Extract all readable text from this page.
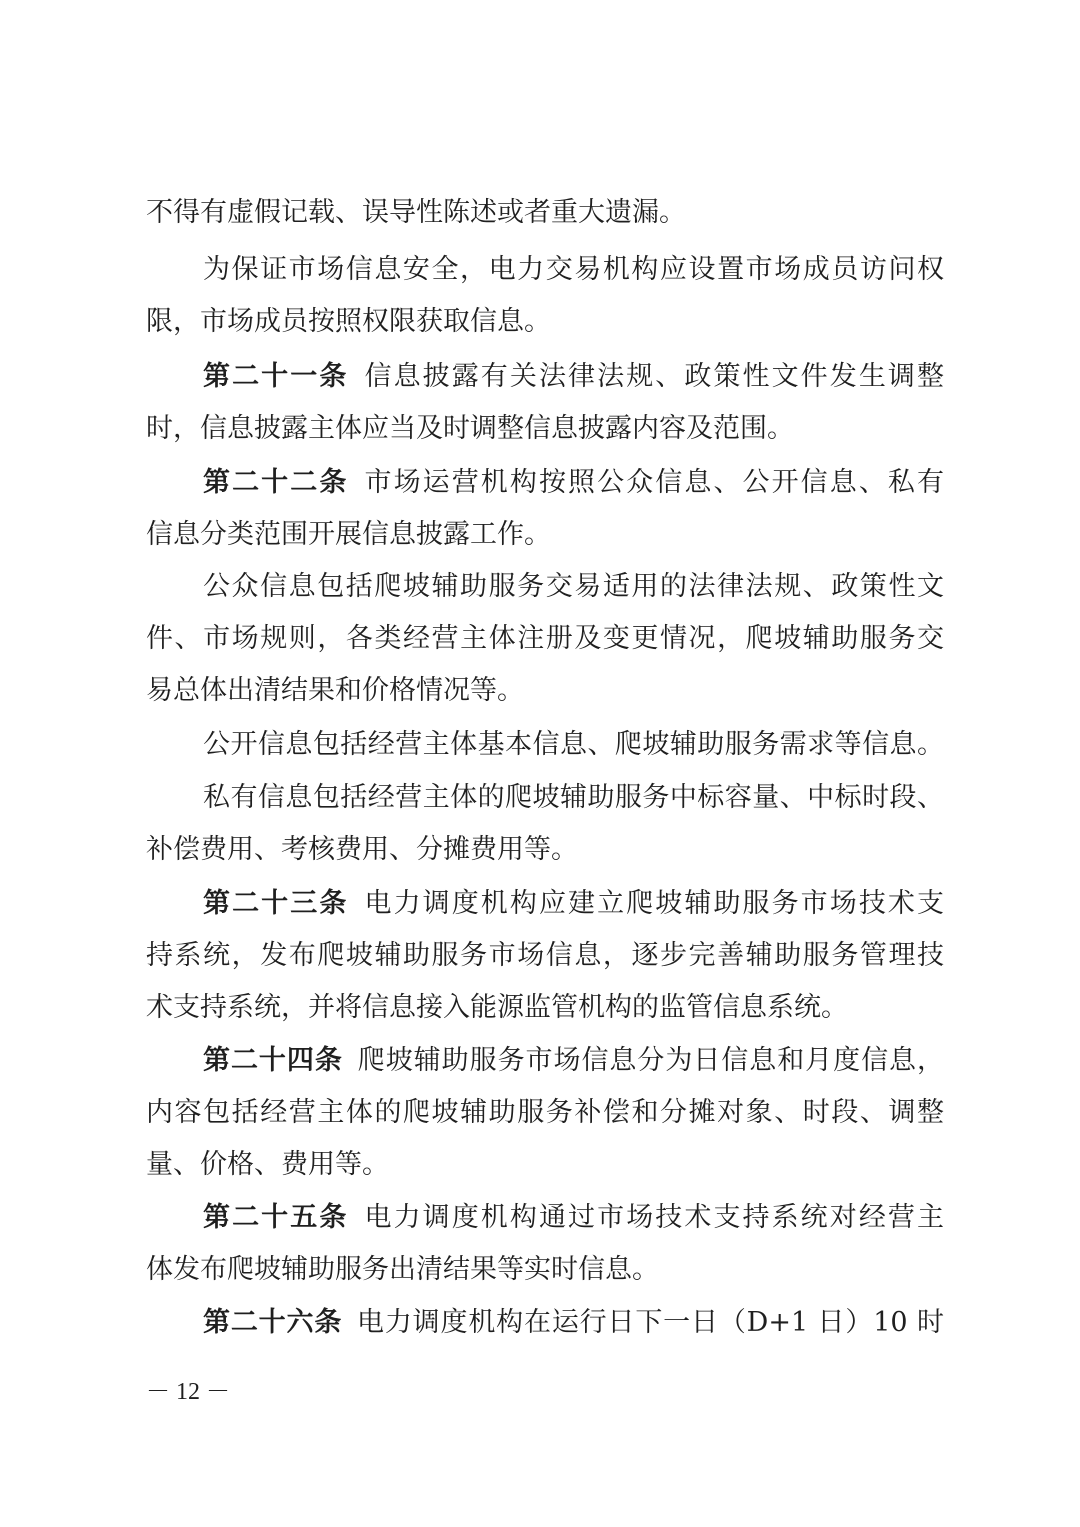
不得有虚假记载、误导性陈述或者重大遗漏。
为保证市场信息安全，电力交易机构应设置市场成员访问权
限，市场成员按照权限获取信息。
第二十一条 信息披露有关法律法规、政策性文件发生调整
时，信息披露主体应当及时调整信息披露内容及范围。
第二十二条 市场运营机构按照公众信息、公开信息、私有
信息分类范围开展信息披露工作。
公众信息包括爬坡辅助服务交易适用的法律法规、政策性文
件、市场规则，各类经营主体注册及变更情况，爬坡辅助服务交
易总体出清结果和价格情况等。
公开信息包括经营主体基本信息、爬坡辅助服务需求等信息。
私有信息包括经营主体的爬坡辅助服务中标容量、中标时段、
补偿费用、考核费用、分摊费用等。
第二十三条 电力调度机构应建立爬坡辅助服务市场技术支
持系统，发布爬坡辅助服务市场信息，逐步完善辅助服务管理技
术支持系统，并将信息接入能源监管机构的监管信息系统。
第二十四条 爬坡辅助服务市场信息分为日信息和月度信息，
内容包括经营主体的爬坡辅助服务补偿和分摊对象、时段、调整
量、价格、费用等。
第二十五条 电力调度机构通过市场技术支持系统对经营主
体发布爬坡辅助服务出清结果等实时信息。
第二十六条 电力调度机构在运行日下一日（D+1 日）10 时
－ 12 －
